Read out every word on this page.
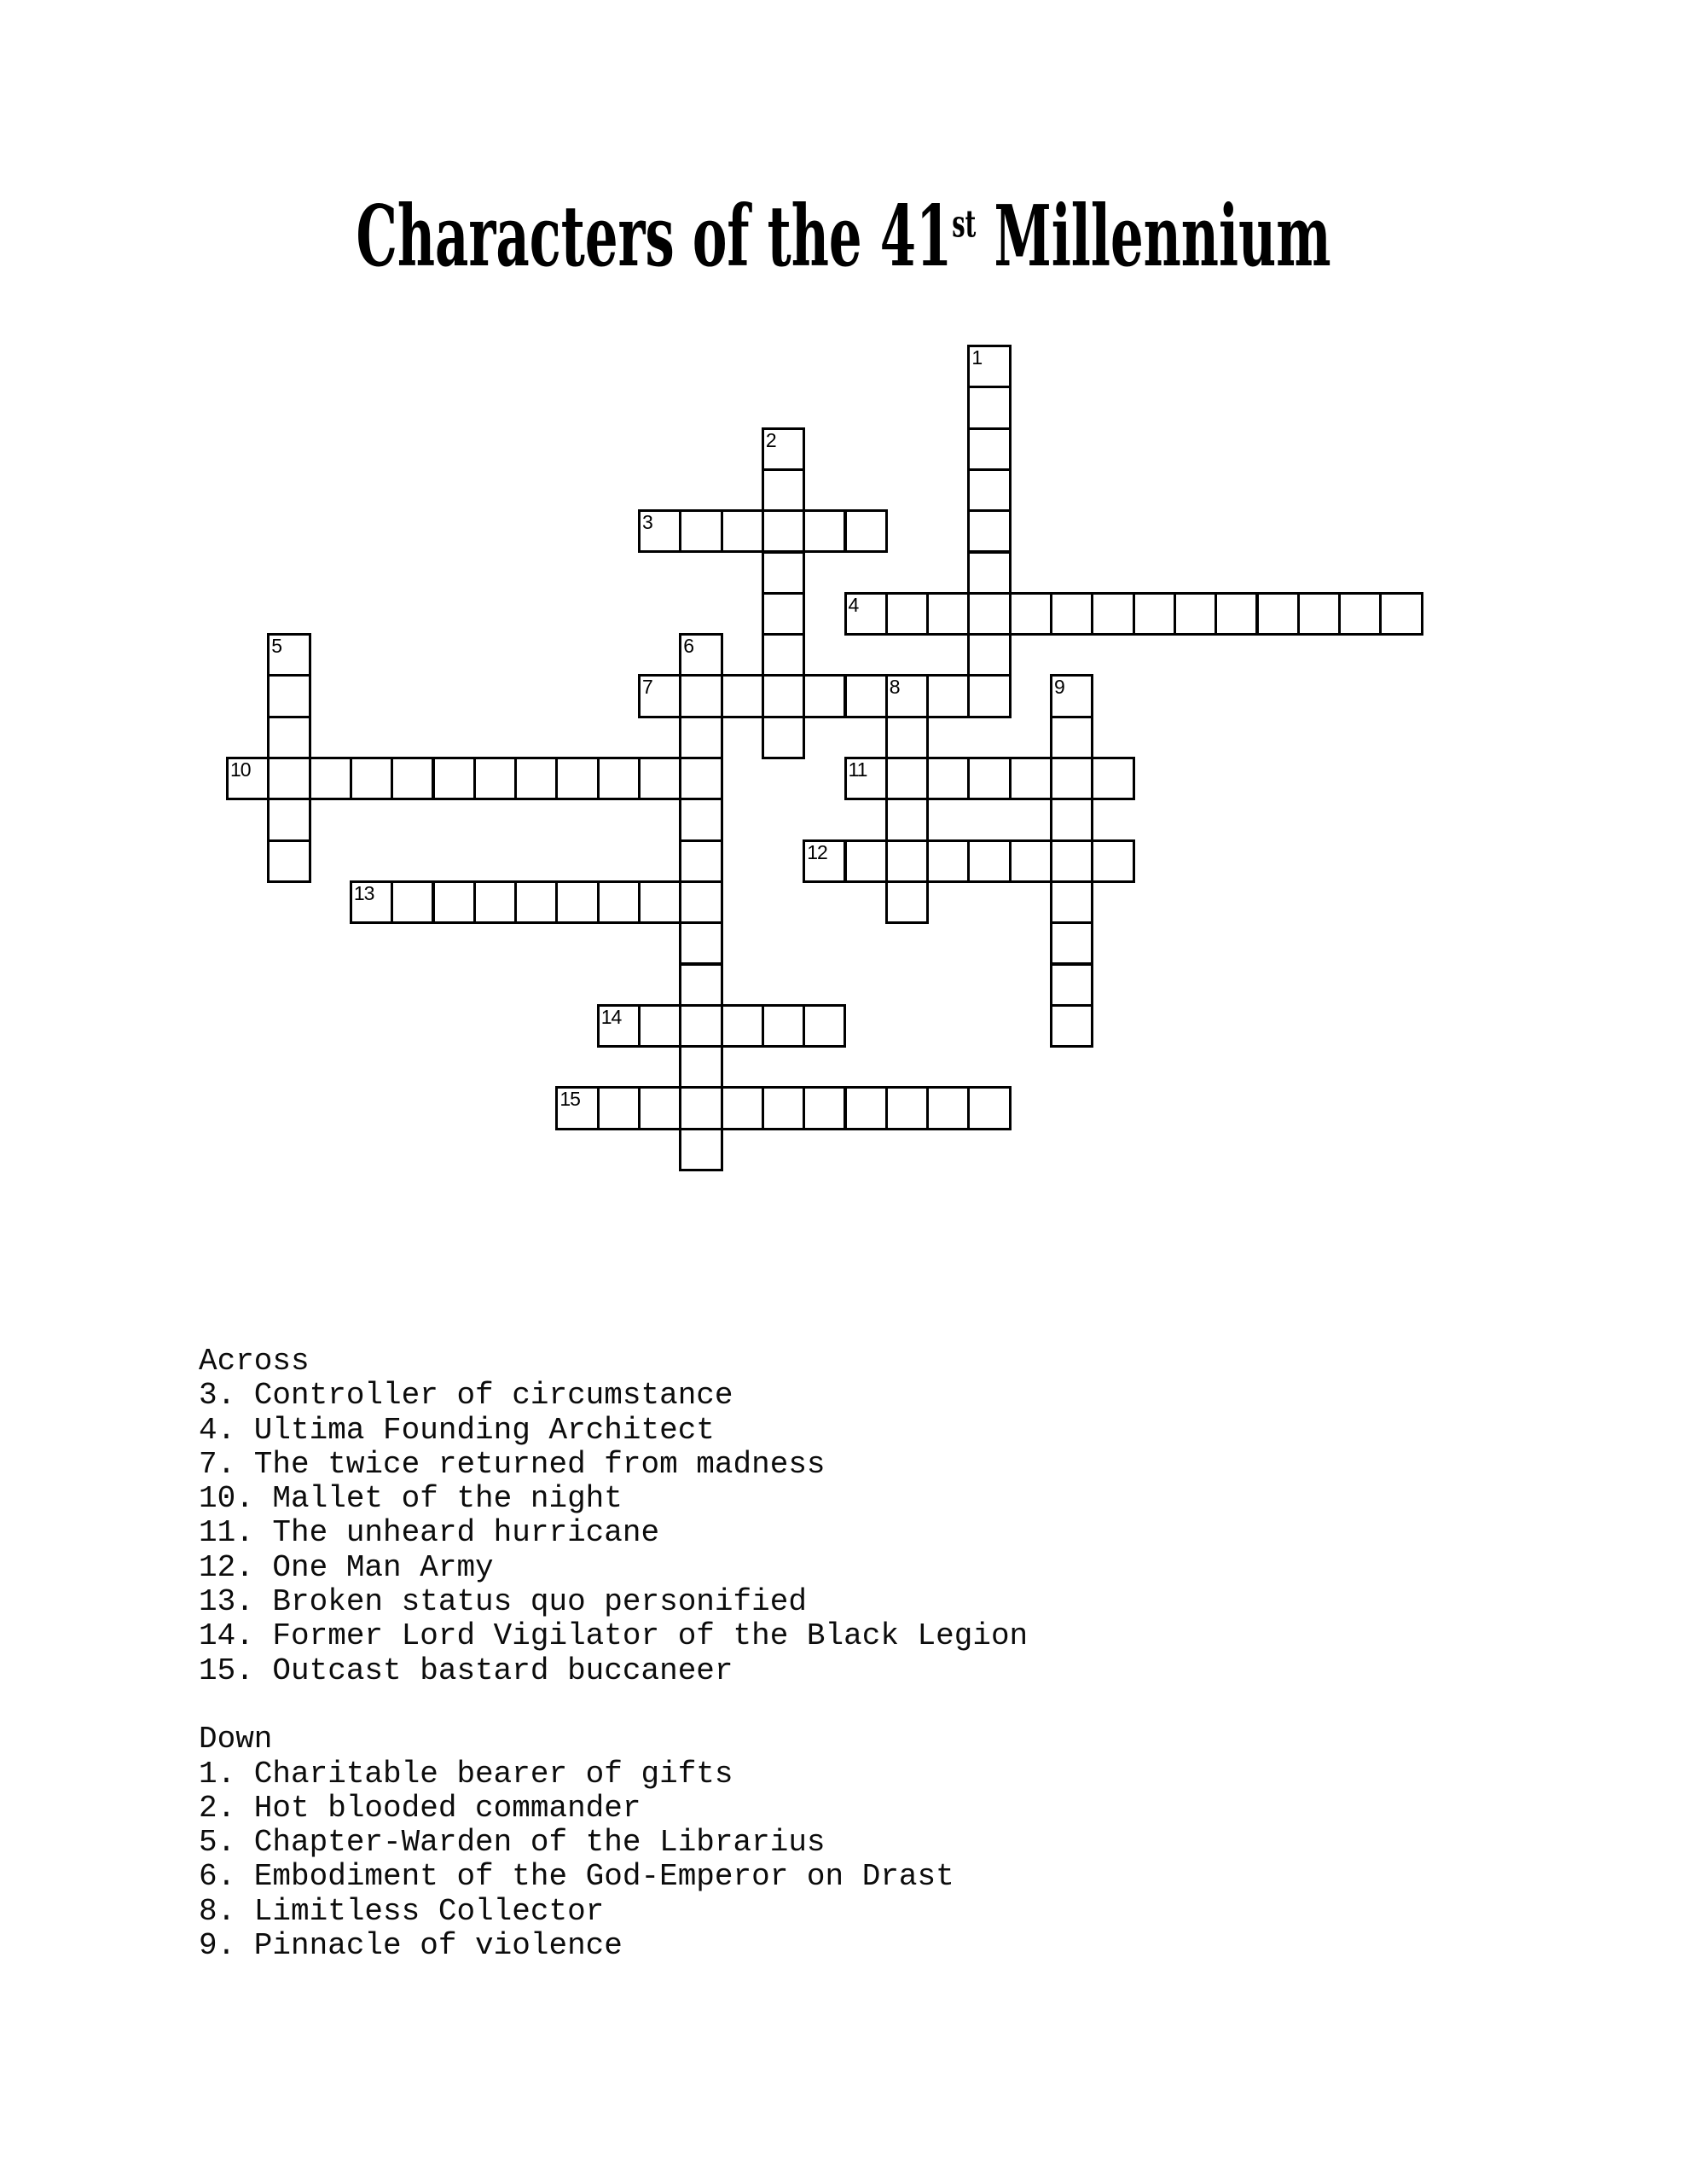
Characters of the 41st Millennium
1
2
3
4
5	6
7	8	9
10	11
12
13
14
15
Across
3. Controller of circumstance
4. Ultima Founding Architect
7. The twice returned from madness
10. Mallet of the night
11. The unheard hurricane
12. One Man Army
13. Broken status quo personified
14. Former Lord Vigilator of the Black Legion
15. Outcast bastard buccaneer
Down
1. Charitable bearer of gifts
2. Hot blooded commander
5. Chapter-Warden of the Librarius
6. Embodiment of the God-Emperor on Drast
8. Limitless Collector
9. Pinnacle of violence
